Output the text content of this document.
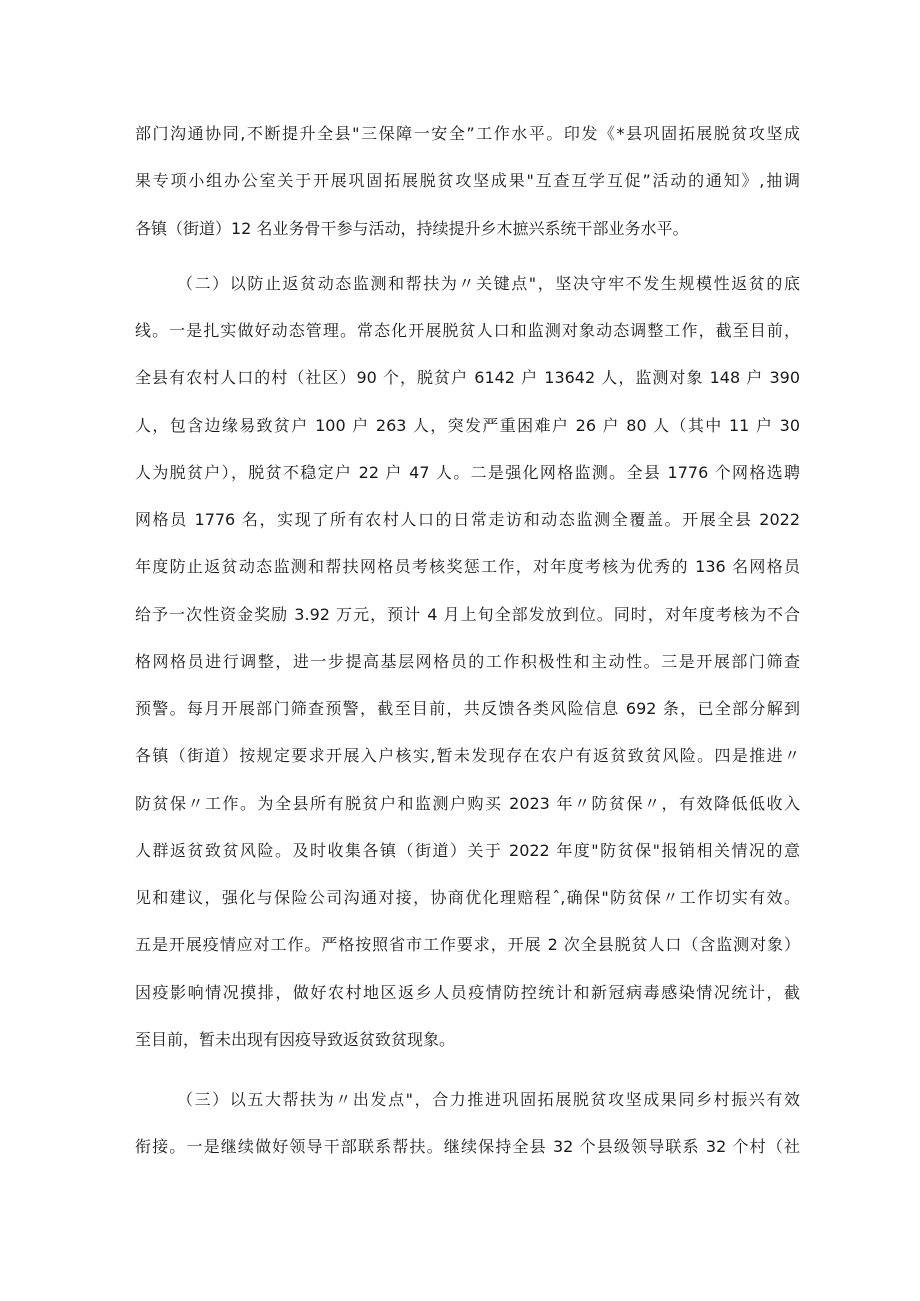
部门沟通协同,不断提升全县"三保障一安全”工作水平。印发《*县巩固拓展脱贫攻坚成
果专项小组办公室关于开展巩固拓展脱贫攻坚成果"互查互学互促”活动的通知》,抽调
各镇（街道）12 名业务骨干参与活动，持续提升乡木摭兴系统干部业务水平。
（二）以防止返贫动态监测和帮扶为〃关键点"，坚决守牢不发生规模性返贫的底
线。一是扎实做好动态管理。常态化开展脱贫人口和监测对象动态调整工作，截至目前，
全县有农村人口的村（社区）90 个，脱贫户 6142 户 13642 人，监测对象 148 户 390
人，包含边缘易致贫户 100 户 263 人，突发严重困难户 26 户 80 人（其中 11 户 30
人为脱贫户），脱贫不稳定户 22 户 47 人。二是强化网格监测。全县 1776 个网格选聘
网格员 1776 名，实现了所有农村人口的日常走访和动态监测全覆盖。开展全县 2022
年度防止返贫动态监测和帮扶网格员考核奖惩工作，对年度考核为优秀的 136 名网格员
给予一次性资金奖励 3.92 万元，预计 4 月上旬全部发放到位。同时，对年度考核为不合
格网格员进行调整，进一步提高基层网格员的工作积极性和主动性。三是开展部门筛查
预警。每月开展部门筛查预警，截至目前，共反馈各类风险信息 692 条，已全部分解到
各镇（街道）按规定要求开展入户核实,暂未发现存在农户有返贫致贫风险。四是推进〃
防贫保〃工作。为全县所有脱贫户和监测户购买 2023 年〃防贫保〃，有效降低低收入
人群返贫致贫风险。及时收集各镇（街道）关于 2022 年度"防贫保"报销相关情况的意
见和建议，强化与保险公司沟通对接，协商优化理赔程ˆ,确保"防贫保〃工作切实有效。
五是开展疫情应对工作。严格按照省市工作要求，开展 2 次全县脱贫人口（含监测对象）
因疫影响情况摸排，做好农村地区返乡人员疫情防控统计和新冠病毒感染情况统计，截
至目前，暂未出现有因疫导致返贫致贫现象。
（三）以五大帮扶为〃出发点"，合力推进巩固拓展脱贫攻坚成果同乡村振兴有效
衔接。一是继续做好领导干部联系帮扶。继续保持全县 32 个县级领导联系 32 个村（社
